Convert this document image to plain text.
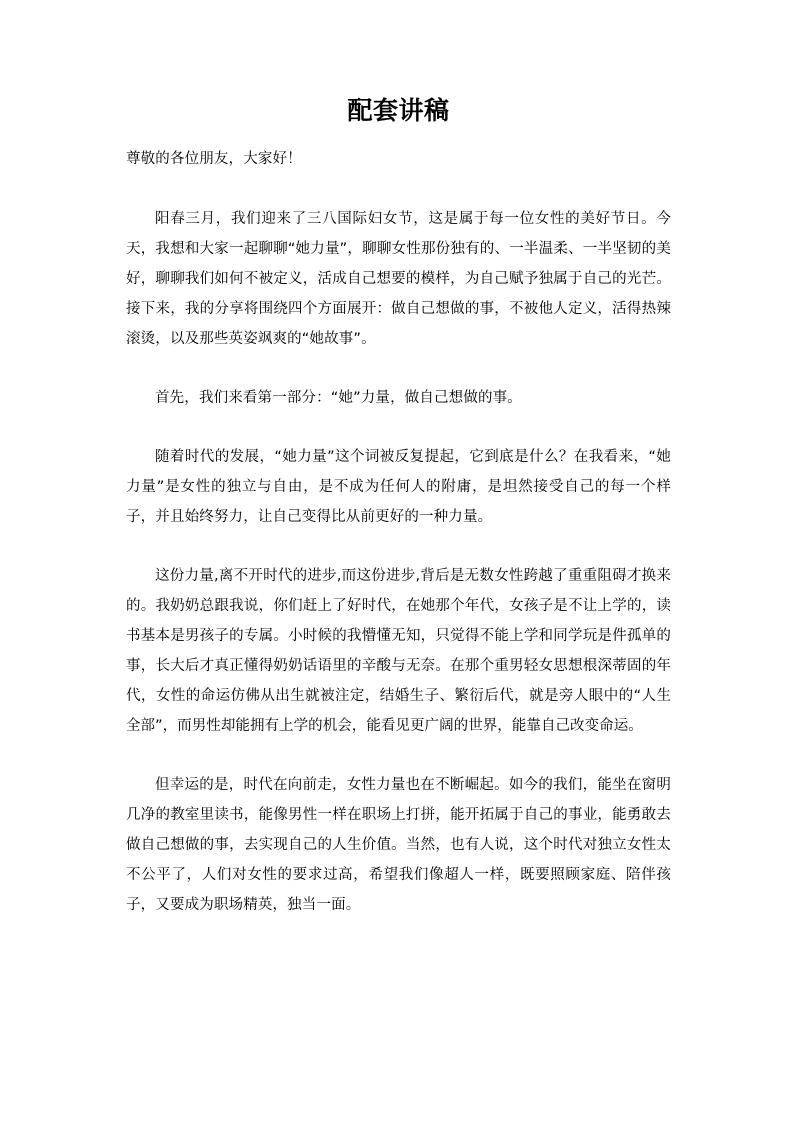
配套讲稿

尊敬的各位朋友，大家好！

阳春三月，我们迎来了三八国际妇女节，这是属于每一位女性的美好节日。今天，我想和大家一起聊聊“她力量”，聊聊女性那份独有的、一半温柔、一半坚韧的美好，聊聊我们如何不被定义，活成自己想要的模样，为自己赋予独属于自己的光芒。接下来，我的分享将围绕四个方面展开：做自己想做的事，不被他人定义，活得热辣滚烫，以及那些英姿飒爽的“她故事”。

首先，我们来看第一部分：“她”力量，做自己想做的事。

随着时代的发展，“她力量”这个词被反复提起，它到底是什么？在我看来，“她力量”是女性的独立与自由，是不成为任何人的附庸，是坦然接受自己的每一个样子，并且始终努力，让自己变得比从前更好的一种力量。

这份力量,离不开时代的进步,而这份进步,背后是无数女性跨越了重重阻碍才换来的。我奶奶总跟我说，你们赶上了好时代，在她那个年代，女孩子是不让上学的，读书基本是男孩子的专属。小时候的我懵懂无知，只觉得不能上学和同学玩是件孤单的事，长大后才真正懂得奶奶话语里的辛酸与无奈。在那个重男轻女思想根深蒂固的年代，女性的命运仿佛从出生就被注定，结婚生子、繁衍后代，就是旁人眼中的“人生全部”，而男性却能拥有上学的机会，能看见更广阔的世界，能靠自己改变命运。

但幸运的是，时代在向前走，女性力量也在不断崛起。如今的我们，能坐在窗明几净的教室里读书，能像男性一样在职场上打拼，能开拓属于自己的事业，能勇敢去做自己想做的事，去实现自己的人生价值。当然，也有人说，这个时代对独立女性太不公平了，人们对女性的要求过高，希望我们像超人一样，既要照顾家庭、陪伴孩子，又要成为职场精英，独当一面。
